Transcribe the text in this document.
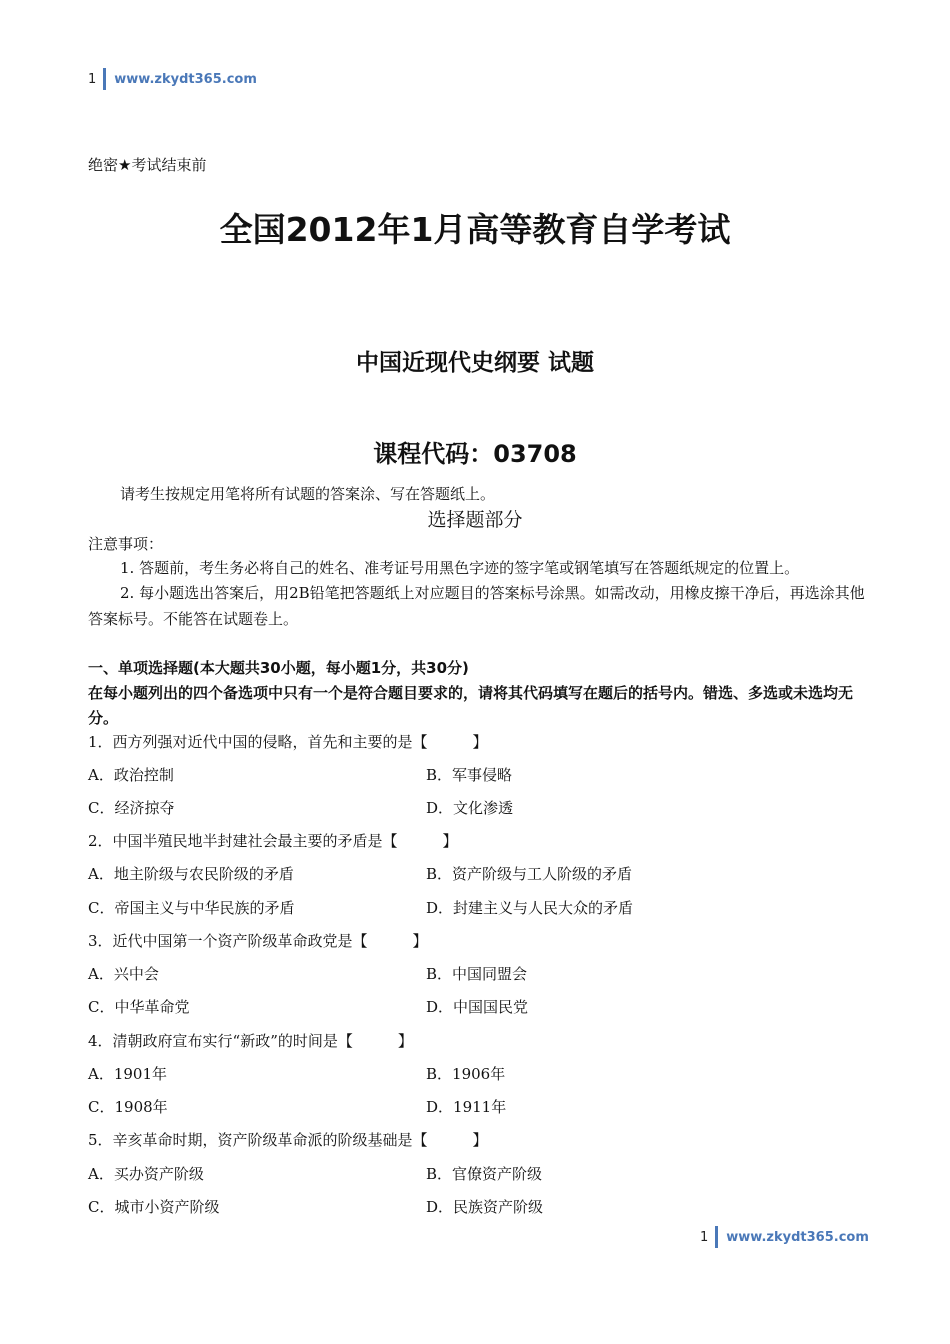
1 www.zkydt365.com
绝密★考试结束前
全国2012年1月高等教育自学考试
中国近现代史纲要 试题
课程代码：03708
请考生按规定用笔将所有试题的答案涂、写在答题纸上。
选择题部分
注意事项：
1. 答题前，考生务必将自己的姓名、准考证号用黑色字迹的签字笔或钢笔填写在答题纸规定的位置上。
2. 每小题选出答案后，用2B铅笔把答题纸上对应题目的答案标号涂黑。如需改动，用橡皮擦干净后，再选涂其他答案标号。不能答在试题卷上。
一、单项选择题(本大题共30小题，每小题1分，共30分)
在每小题列出的四个备选项中只有一个是符合题目要求的，请将其代码填写在题后的括号内。错选、多选或未选均无分。
1．西方列强对近代中国的侵略，首先和主要的是【　　　】
A．政治控制	B．军事侵略
C．经济掠夺	D．文化渗透
2．中国半殖民地半封建社会最主要的矛盾是【　　　】
A．地主阶级与农民阶级的矛盾	B．资产阶级与工人阶级的矛盾
C．帝国主义与中华民族的矛盾	D．封建主义与人民大众的矛盾
3．近代中国第一个资产阶级革命政党是【　　　】
A．兴中会	B．中国同盟会
C．中华革命党	D．中国国民党
4．清朝政府宣布实行“新政”的时间是【　　　】
A．1901年	B．1906年
C．1908年	D．1911年
5．辛亥革命时期，资产阶级革命派的阶级基础是【　　　】
A．买办资产阶级	B．官僚资产阶级
C．城市小资产阶级	D．民族资产阶级
1 www.zkydt365.com
